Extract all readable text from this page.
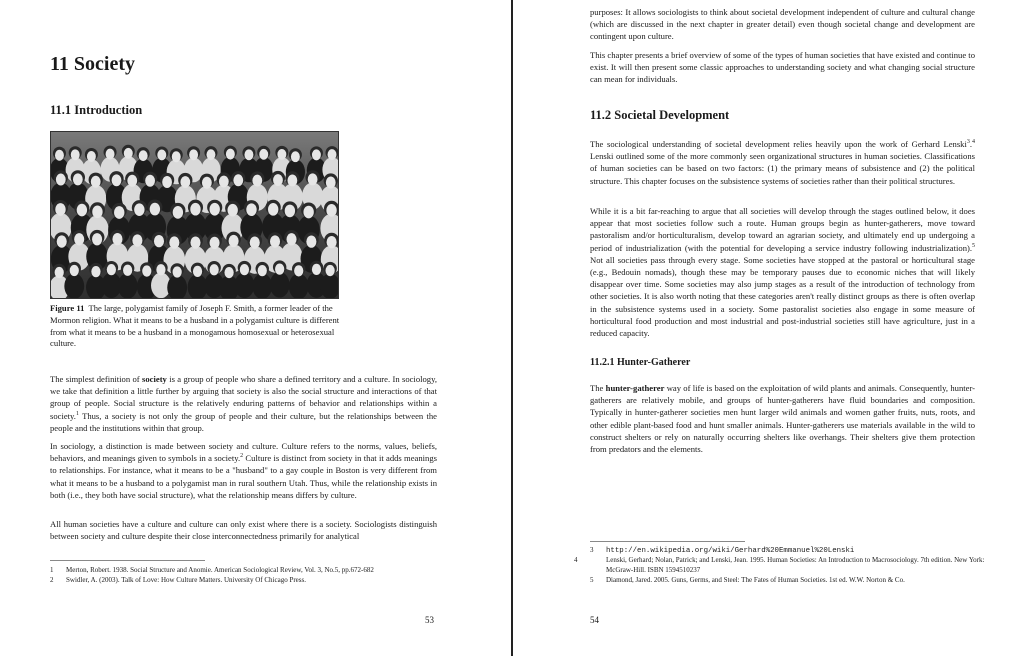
11 Society
11.1 Introduction

Figure 11 The large, polygamist family of Joseph F. Smith, a former leader of the Mormon religion. What it means to be a husband in a polygamist culture is different from what it means to be a husband in a monogamous homosexual or heterosexual culture.

The simplest definition of society is a group of people who share a defined territory and a culture. In sociology, we take that definition a little further by arguing that society is also the social structure and interactions of that group of people. Social structure is the relatively enduring patterns of behavior and relationships within a society.$^1$ Thus, a society is not only the group of people and their culture, but the relationships between the people and the institutions within that group.

In sociology, a distinction is made between society and culture. Culture refers to the norms, values, beliefs, behaviors, and meanings given to symbols in a society.$^2$ Culture is distinct from society in that it adds meanings to relationships. For instance, what it means to be a "husband" to a gay couple in Boston is very different from what it means to be a husband to a polygamist man in rural southern Utah. Thus, while the relationship exists in both (i.e., they both have social structure), what the relationship means differs by culture.

All human societies have a culture and culture can only exist where there is a society. Sociologists distinguish between society and culture despite their close interconnectedness primarily for analytical

1 Merton, Robert. 1938. Social Structure and Anomie. American Sociological Review, Vol. 3, No.5, pp.672-682

2 Swidler, A. (2003). Talk of Love: How Culture Matters. University Of Chicago Press.

53

purposes: It allows sociologists to think about societal development independent of culture and cultural change (which are discussed in the next chapter in greater detail) even though societal change and development are contingent upon culture.

This chapter presents a brief overview of some of the types of human societies that have existed and continue to exist. It will then present some classic approaches to understanding society and what changing social structure can mean for individuals.

11.2 Societal Development

The sociological understanding of societal development relies heavily upon the work of Gerhard Lenski$^3$.$^4$ Lenski outlined some of the more commonly seen organizational structures in human societies. Classifications of human societies can be based on two factors: (1) the primary means of subsistence and (2) the political structure. This chapter focuses on the subsistence systems of societies rather than their political structures.

While it is a bit far-reaching to argue that all societies will develop through the stages outlined below, it does appear that most societies follow such a route. Human groups begin as hunter-gatherers, move toward pastoralism and/or horticulturalism, develop toward an agrarian society, and ultimately end up undergoing a period of industrialization (with the potential for developing a service industry following industrialization).$^5$ Not all societies pass through every stage. Some societies have stopped at the pastoral or horticultural stage (e.g., Bedouin nomads), though these may be temporary pauses due to economic niches that will likely disappear over time. Some societies may also jump stages as a result of the introduction of technology from other societies. It is also worth noting that these categories aren't really distinct groups as there is often overlap in the subsistence systems used in a society. Some pastoralist societies also engage in some measure of horticultural food production and most industrial and post-industrial societies still have agriculture, just in a reduced capacity.

11.2.1 Hunter-Gatherer

The hunter-gatherer way of life is based on the exploitation of wild plants and animals. Consequently, hunter-gatherers are relatively mobile, and groups of hunter-gatherers have fluid boundaries and composition. Typically in hunter-gatherer societies men hunt larger wild animals and women gather fruits, nuts, roots, and other edible plant-based food and hunt smaller animals. Hunter-gatherers use materials available in the wild to construct shelters or rely on naturally occurring shelters like overhangs. Their shelters give them protection from predators and the elements.

3 http://en.wikipedia.org/wiki/Gerhard%20Emmanuel%20Lenski

4	Lenski, Gerhard; Nolan, Patrick; and Lenski, Jean. 1995. Human Societies: An Introduction to Macrosociology. 7th edition. New York: McGraw-Hill. ISBN 1594510237

5 Diamond, Jared. 2005. Guns, Germs, and Steel: The Fates of Human Societies. 1st ed. W.W. Norton & Co.

54
